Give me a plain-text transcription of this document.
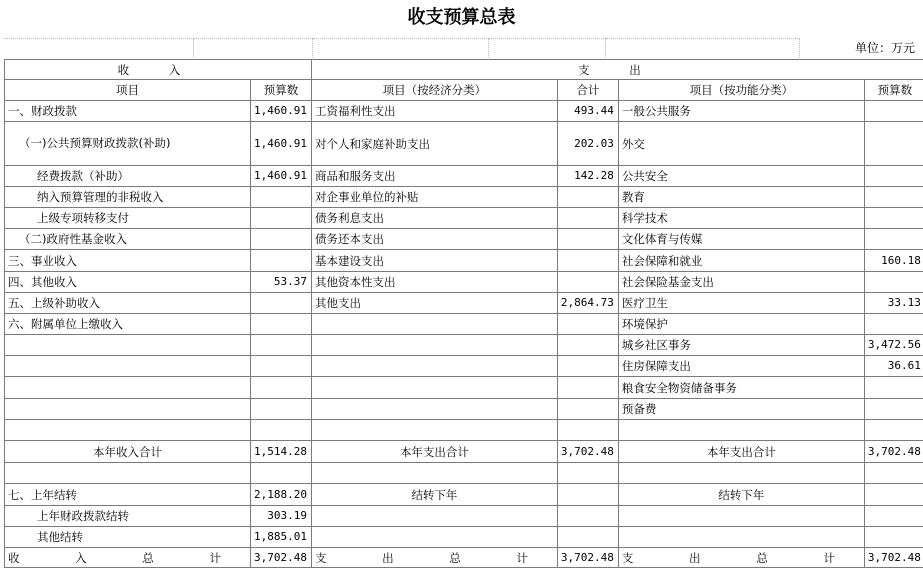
收支预算总表
单位：万元
收 入		支 出			
项目	预算数	项目（按经济分类）	合计	项目（按功能分类）	预算数
一、财政拨款	1,460.91	工资福利性支出	493.44	一般公共服务	
（一)公共预算财政拨款(补助)	1,460.91	对个人和家庭补助支出	202.03	外交	
经费拨款（补助）	1,460.91	商品和服务支出	142.28	公共安全	
纳入预算管理的非税收入		对企事业单位的补贴		教育	
上级专项转移支付		债务利息支出		科学技术	
（二)政府性基金收入		债务还本支出		文化体育与传媒	
三、事业收入		基本建设支出		社会保障和就业	160.18
四、其他收入	53.37	其他资本性支出		社会保险基金支出	
五、上级补助收入		其他支出	2,864.73	医疗卫生	33.13
六、附属单位上缴收入				环境保护	
				城乡社区事务	3,472.56
				住房保障支出	36.61
				粮食安全物资储备事务	
				预备费	

本年收入合计	1,514.28	本年支出合计	3,702.48	本年支出合计	3,702.48

七、上年结转	2,188.20	结转下年		结转下年	
上年财政拨款结转	303.19				
其他结转	1,885.01				
收 入 总 计	3,702.48	支 出 总 计	3,702.48	支 出 总 计	3,702.48
